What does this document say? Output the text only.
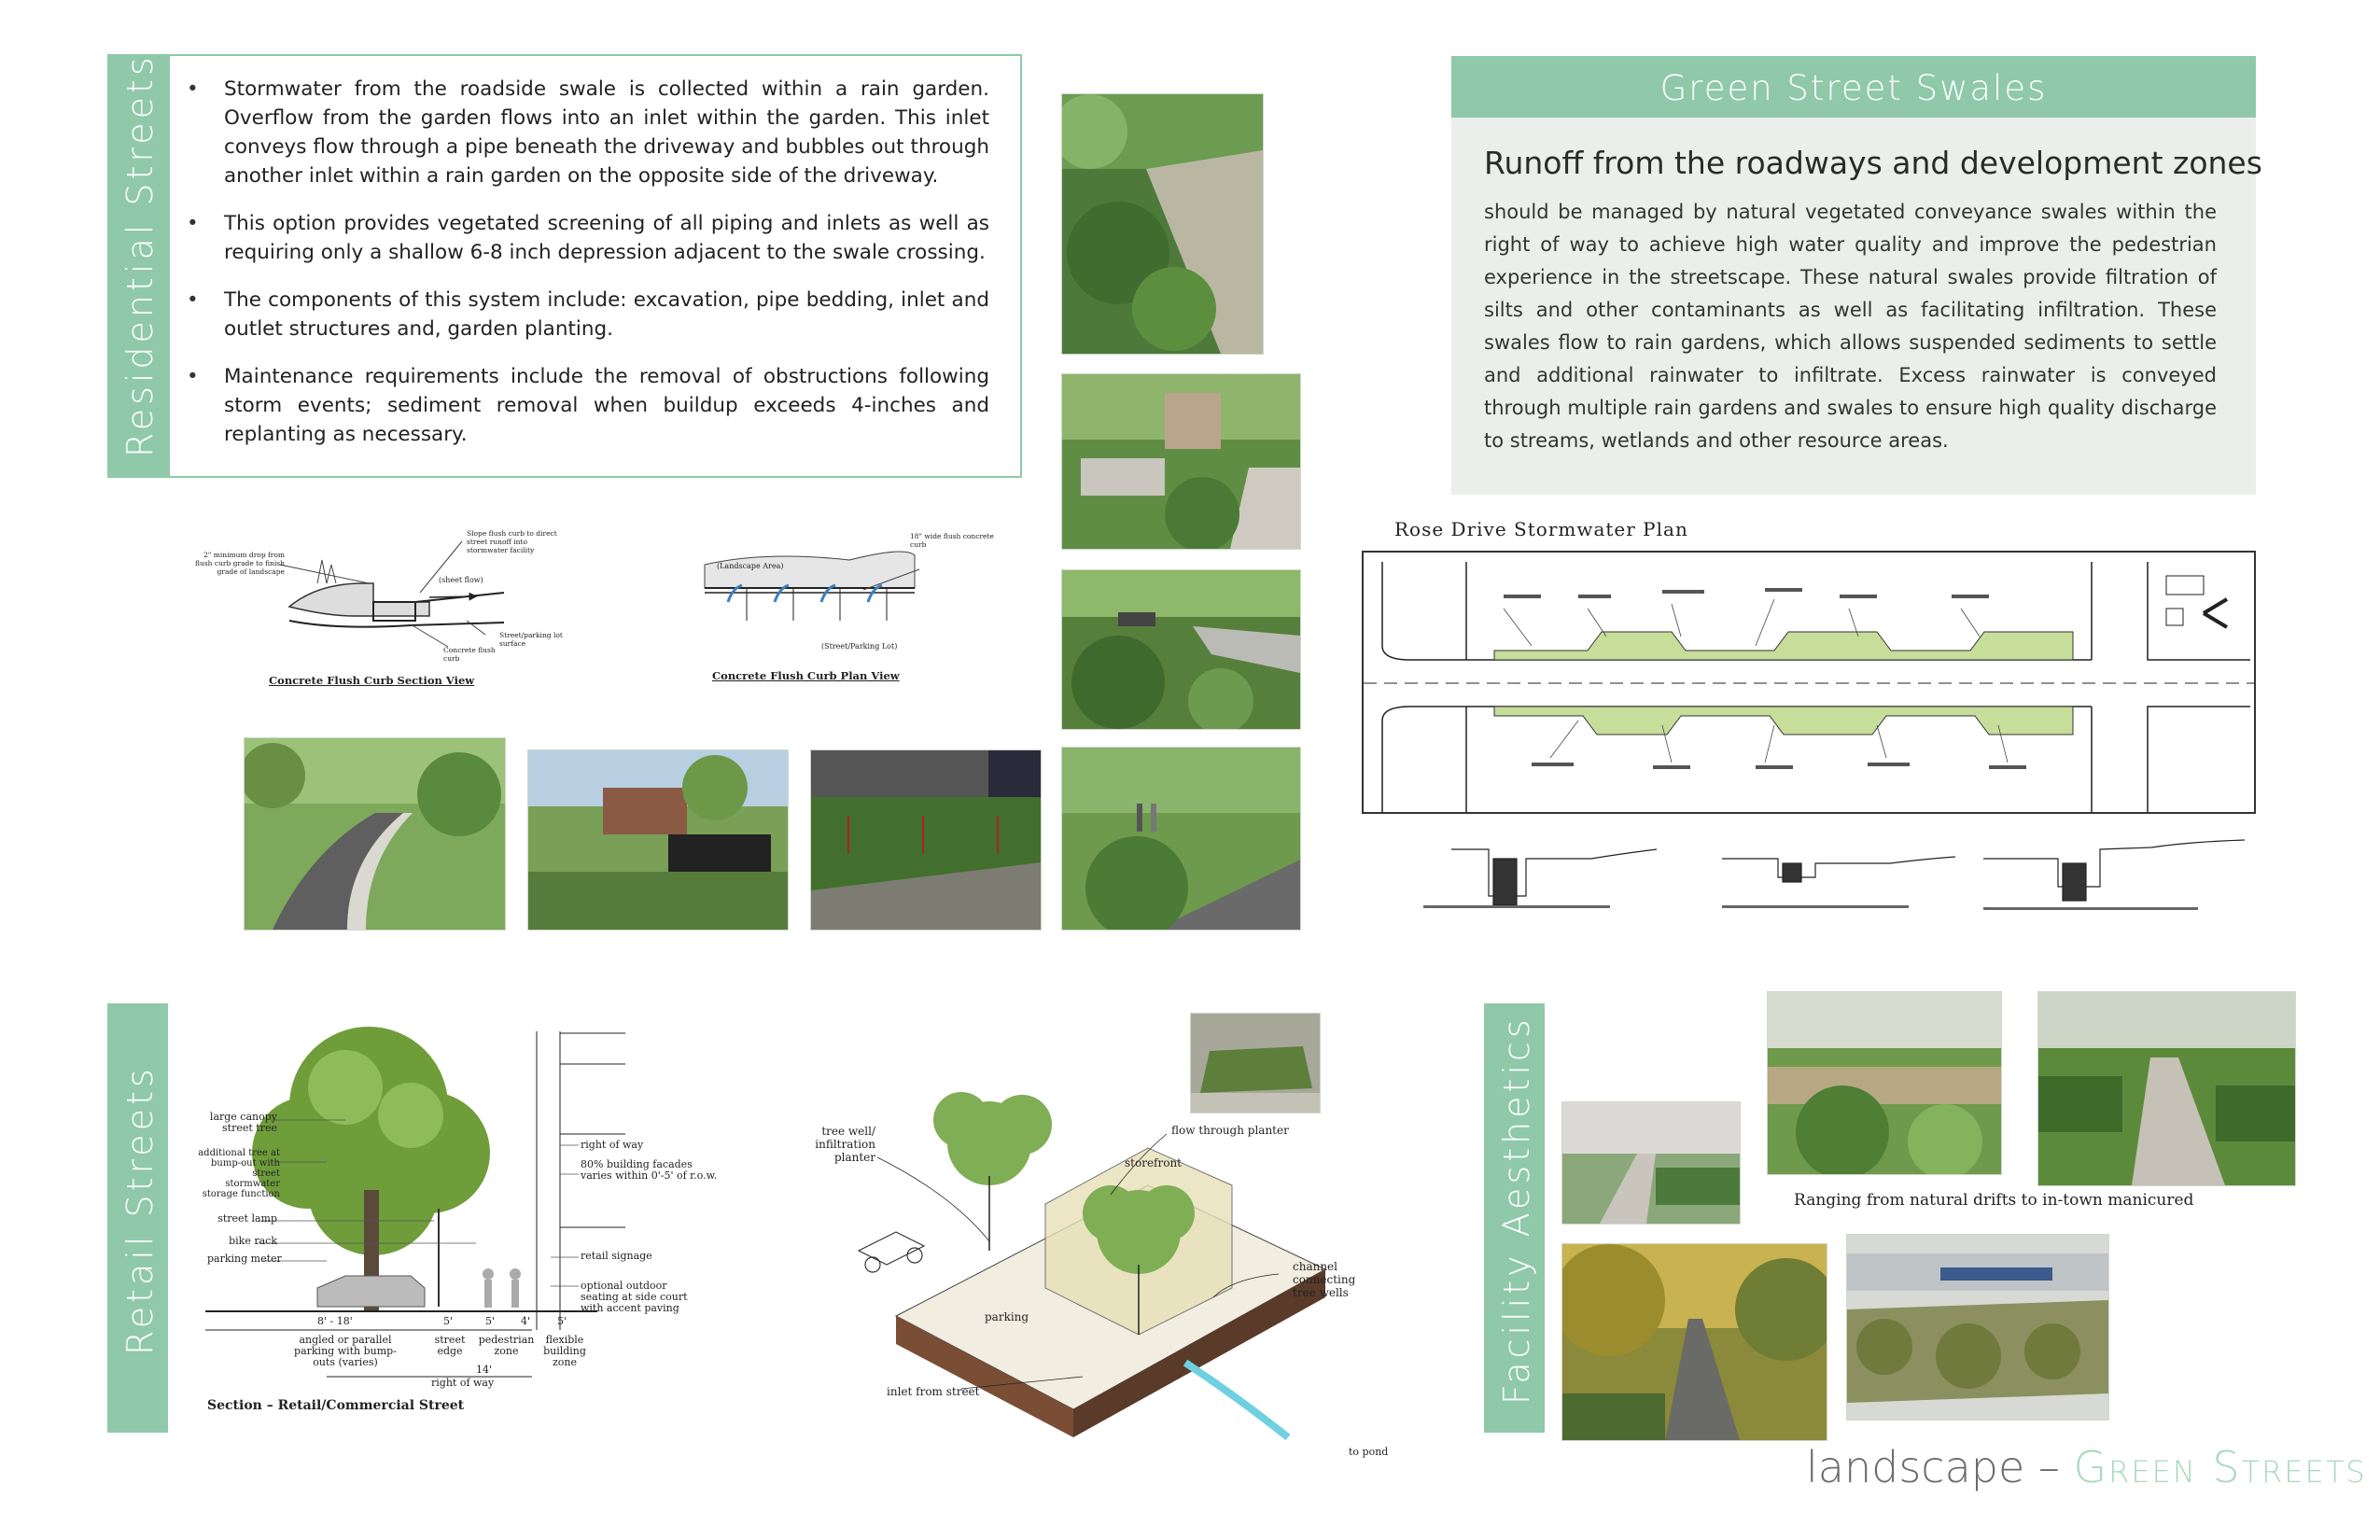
Residential Streets
•	Stormwater from the roadside swale is collected within a rain garden. Overflow from the garden flows into an inlet within the garden. This inlet conveys flow through a pipe beneath the driveway and bubbles out through another inlet within a rain garden on the opposite side of the driveway.
• This option provides vegetated screening of all piping and inlets as well as requiring only a shallow 6-8 inch depression adjacent to the swale crossing.
• The components of this system include: excavation, pipe bedding, inlet and outlet structures and, garden planting.
• Maintenance requirements include the removal of obstructions following storm events; sediment removal when buildup exceeds 4-inches and replanting as necessary.
Slope flush curb to direct street runoff into stormwater facility
2" minimum drop from flush curb grade to finish grade of landscape
(sheet flow)
Street/parking lot surface
Concrete flush curb
Concrete Flush Curb Section View
18" wide flush concrete curb
(Landscape Area)
(Street/Parking Lot)
Concrete Flush Curb Plan View
Green Street Swales
Runoff from the roadways and development zones
should be managed by natural vegetated conveyance swales within the right of way to achieve high water quality and improve the pedestrian experience in the streetscape. These natural swales provide filtration of silts and other contaminants as well as facilitating infiltration. These swales flow to rain gardens, which allows suspended sediments to settle and additional rainwater to infiltrate. Excess rainwater is conveyed through multiple rain gardens and swales to ensure high quality discharge to streams, wetlands and other resource areas.
Rose Drive Stormwater Plan
Retail Streets	large canopy street tree
additional tree at bump-out with street stormwater storage function
street lamp
bike rack
parking meter
right of way
80% building facades varies within 0'-5' of r.o.w.
retail signage
optional outdoor seating at side court with accent paving
8' - 18'	5'	5'	4'	5'
14'
angled or parallel parking with bump-outs (varies)
street edge
pedestrian zone
flexible building zone
right of way
Section – Retail/Commercial Street
tree well/ infiltration planter
flow through planter
storefront
channel connecting tree wells
parking
inlet from street
to pond
Facility Aesthetics	Ranging from natural drifts to in-town manicured
landscape – Green Streets
